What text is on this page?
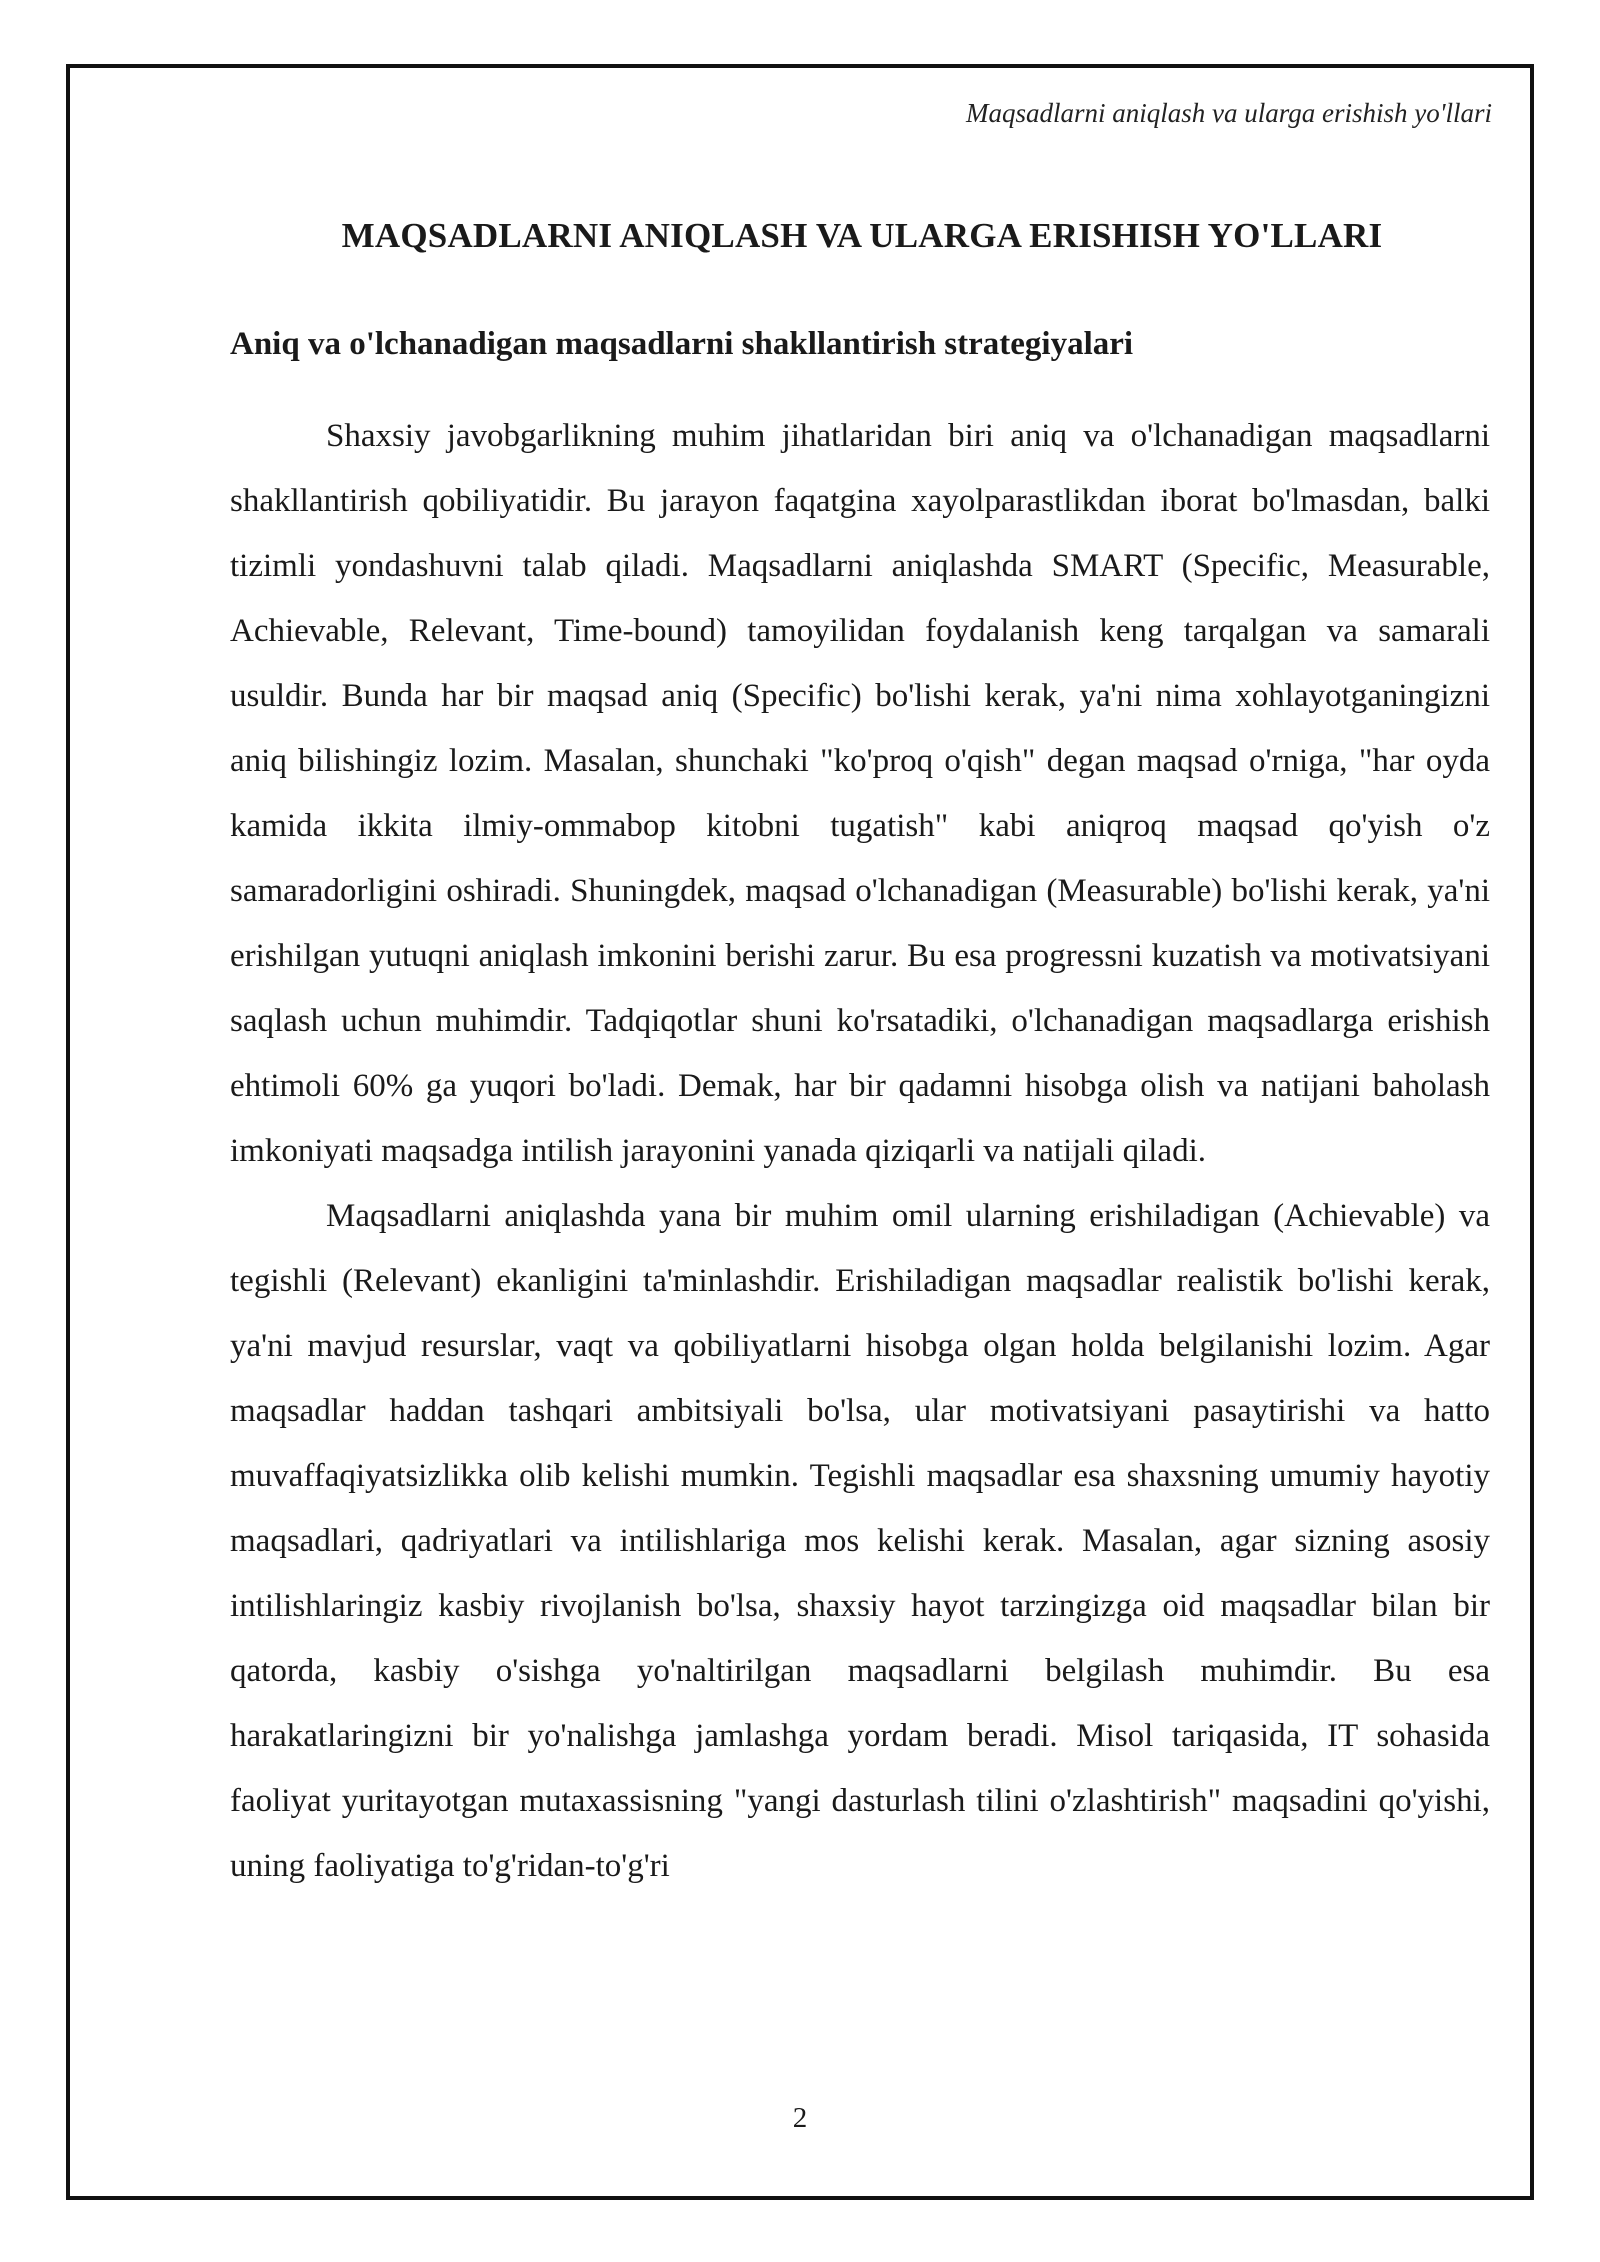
Maqsadlarni aniqlash va ularga erishish yo'llari

MAQSADLARNI ANIQLASH VA ULARGA ERISHISH YO'LLARI
Aniq va o'lchanadigan maqsadlarni shakllantirish strategiyalari

Shaxsiy javobgarlikning muhim jihatlaridan biri aniq va o'lchanadigan maqsadlarni shakllantirish qobiliyatidir. Bu jarayon faqatgina xayolparastlikdan iborat bo'lmasdan, balki tizimli yondashuvni talab qiladi. Maqsadlarni aniqlashda SMART (Specific, Measurable, Achievable, Relevant, Time-bound) tamoyilidan foydalanish keng tarqalgan va samarali usuldir. Bunda har bir maqsad aniq (Specific) bo'lishi kerak, ya'ni nima xohlayotganingizni aniq bilishingiz lozim. Masalan, shunchaki "ko'proq o'qish" degan maqsad o'rniga, "har oyda kamida ikkita ilmiy-ommabop kitobni tugatish" kabi aniqroq maqsad qo'yish o'z samaradorligini oshiradi. Shuningdek, maqsad o'lchanadigan (Measurable) bo'lishi kerak, ya'ni erishilgan yutuqni aniqlash imkonini berishi zarur. Bu esa progressni kuzatish va motivatsiyani saqlash uchun muhimdir. Tadqiqotlar shuni ko'rsatadiki, o'lchanadigan maqsadlarga erishish ehtimoli 60% ga yuqori bo'ladi. Demak, har bir qadamni hisobga olish va natijani baholash imkoniyati maqsadga intilish jarayonini yanada qiziqarli va natijali qiladi.

Maqsadlarni aniqlashda yana bir muhim omil ularning erishiladigan (Achievable) va tegishli (Relevant) ekanligini ta'minlashdir. Erishiladigan maqsadlar realistik bo'lishi kerak, ya'ni mavjud resurslar, vaqt va qobiliyatlarni hisobga olgan holda belgilanishi lozim. Agar maqsadlar haddan tashqari ambitsiyali bo'lsa, ular motivatsiyani pasaytirishi va hatto muvaffaqiyatsizlikka olib kelishi mumkin. Tegishli maqsadlar esa shaxsning umumiy hayotiy maqsadlari, qadriyatlari va intilishlariga mos kelishi kerak. Masalan, agar sizning asosiy intilishlaringiz kasbiy rivojlanish bo'lsa, shaxsiy hayot tarzingizga oid maqsadlar bilan bir qatorda, kasbiy o'sishga yo'naltirilgan maqsadlarni belgilash muhimdir. Bu esa harakatlaringizni bir yo'nalishga jamlashga yordam beradi. Misol tariqasida, IT sohasida faoliyat yuritayotgan mutaxassisning "yangi dasturlash tilini o'zlashtirish" maqsadini qo'yishi, uning faoliyatiga to'g'ridan-to'g'ri

2
